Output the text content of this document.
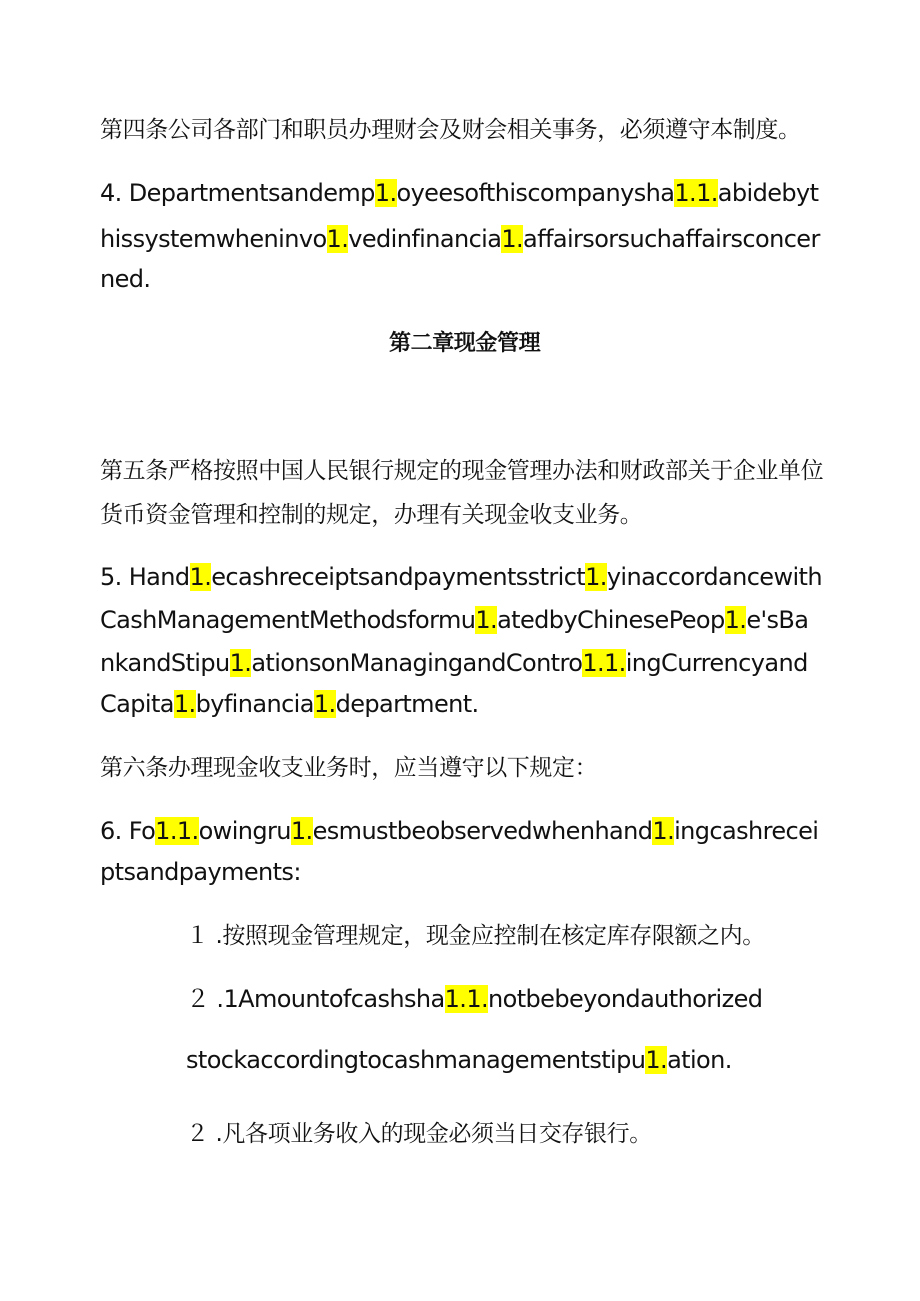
第四条公司各部门和职员办理财会及财会相关事务，必须遵守本制度。
4. Departmentsandemp1.oyeesofthiscompanysha1.1.abidebyt
hissystemwheninvo1.vedinfinancia1.affairsorsuchaffairsconcer
ned.
第二章现金管理
第五条严格按照中国人民银行规定的现金管理办法和财政部关于企业单位
货币资金管理和控制的规定，办理有关现金收支业务。
5. Hand1.ecashreceiptsandpaymentsstrict1.yinaccordancewith
CashManagementMethodsformu1.atedbyChinesePeop1.e'sBa
nkandStipu1.ationsonManagingandContro1.1.ingCurrencyand
Capita1.byfinancia1.department.
第六条办理现金收支业务时，应当遵守以下规定：
6. Fo1.1.owingru1.esmustbeobservedwhenhand1.ingcashrecei
ptsandpayments:
１ .按照现金管理规定，现金应控制在核定库存限额之内。
２ .1Amountofcashsha1.1.notbebeyondauthorized
stockaccordingtocashmanagementstipu1.ation.
２ .凡各项业务收入的现金必须当日交存银行。
